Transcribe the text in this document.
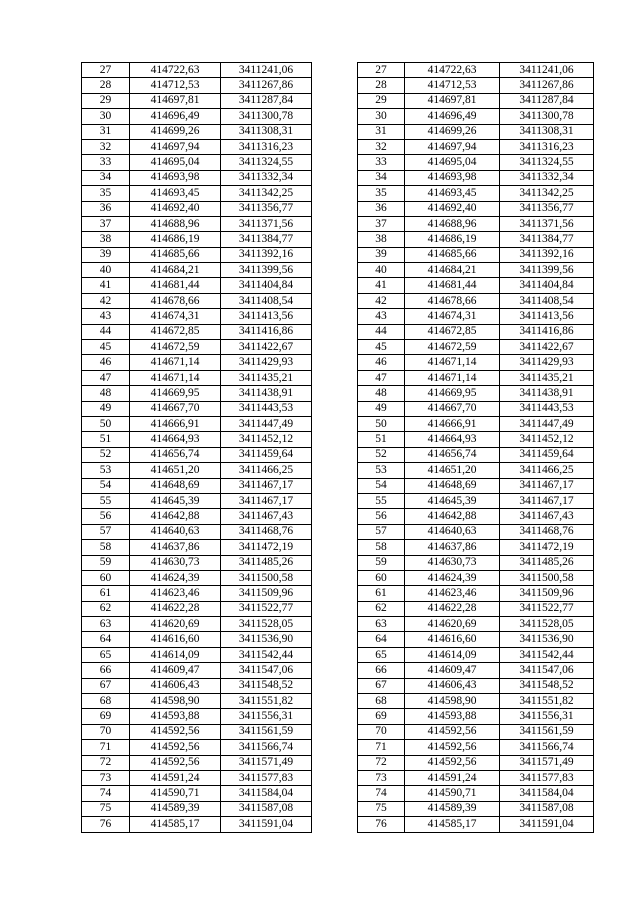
27	414722,63	3411241,06		27	414722,63	3411241,06
28	414712,53	3411267,86		28	414712,53	3411267,86
29	414697,81	3411287,84		29	414697,81	3411287,84
30	414696,49	3411300,78		30	414696,49	3411300,78
31	414699,26	3411308,31		31	414699,26	3411308,31
32	414697,94	3411316,23		32	414697,94	3411316,23
33	414695,04	3411324,55		33	414695,04	3411324,55
34	414693,98	3411332,34		34	414693,98	3411332,34
35	414693,45	3411342,25		35	414693,45	3411342,25
36	414692,40	3411356,77		36	414692,40	3411356,77
37	414688,96	3411371,56		37	414688,96	3411371,56
38	414686,19	3411384,77		38	414686,19	3411384,77
39	414685,66	3411392,16		39	414685,66	3411392,16
40	414684,21	3411399,56		40	414684,21	3411399,56
41	414681,44	3411404,84		41	414681,44	3411404,84
42	414678,66	3411408,54		42	414678,66	3411408,54
43	414674,31	3411413,56		43	414674,31	3411413,56
44	414672,85	3411416,86		44	414672,85	3411416,86
45	414672,59	3411422,67		45	414672,59	3411422,67
46	414671,14	3411429,93		46	414671,14	3411429,93
47	414671,14	3411435,21		47	414671,14	3411435,21
48	414669,95	3411438,91		48	414669,95	3411438,91
49	414667,70	3411443,53		49	414667,70	3411443,53
50	414666,91	3411447,49		50	414666,91	3411447,49
51	414664,93	3411452,12		51	414664,93	3411452,12
52	414656,74	3411459,64		52	414656,74	3411459,64
53	414651,20	3411466,25		53	414651,20	3411466,25
54	414648,69	3411467,17		54	414648,69	3411467,17
55	414645,39	3411467,17		55	414645,39	3411467,17
56	414642,88	3411467,43		56	414642,88	3411467,43
57	414640,63	3411468,76		57	414640,63	3411468,76
58	414637,86	3411472,19		58	414637,86	3411472,19
59	414630,73	3411485,26		59	414630,73	3411485,26
60	414624,39	3411500,58		60	414624,39	3411500,58
61	414623,46	3411509,96		61	414623,46	3411509,96
62	414622,28	3411522,77		62	414622,28	3411522,77
63	414620,69	3411528,05		63	414620,69	3411528,05
64	414616,60	3411536,90		64	414616,60	3411536,90
65	414614,09	3411542,44		65	414614,09	3411542,44
66	414609,47	3411547,06		66	414609,47	3411547,06
67	414606,43	3411548,52		67	414606,43	3411548,52
68	414598,90	3411551,82		68	414598,90	3411551,82
69	414593,88	3411556,31		69	414593,88	3411556,31
70	414592,56	3411561,59		70	414592,56	3411561,59
71	414592,56	3411566,74		71	414592,56	3411566,74
72	414592,56	3411571,49		72	414592,56	3411571,49
73	414591,24	3411577,83		73	414591,24	3411577,83
74	414590,71	3411584,04		74	414590,71	3411584,04
75	414589,39	3411587,08		75	414589,39	3411587,08
76	414585,17	3411591,04		76	414585,17	3411591,04
